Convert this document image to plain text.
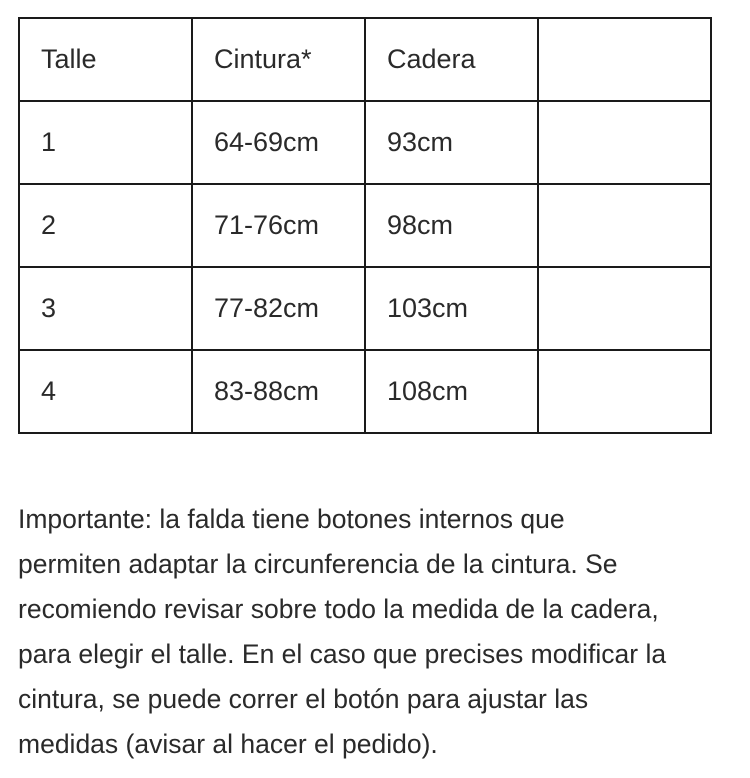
Talle	Cintura*	Cadera	
1	64-69cm	93cm	
2	71-76cm	98cm	
3	77-82cm	103cm	
4	83-88cm	108cm	

Importante: la falda tiene botones internos que
permiten adaptar la circunferencia de la cintura. Se
recomiendo revisar sobre todo la medida de la cadera,
para elegir el talle. En el caso que precises modificar la
cintura, se puede correr el botón para ajustar las
medidas (avisar al hacer el pedido).
